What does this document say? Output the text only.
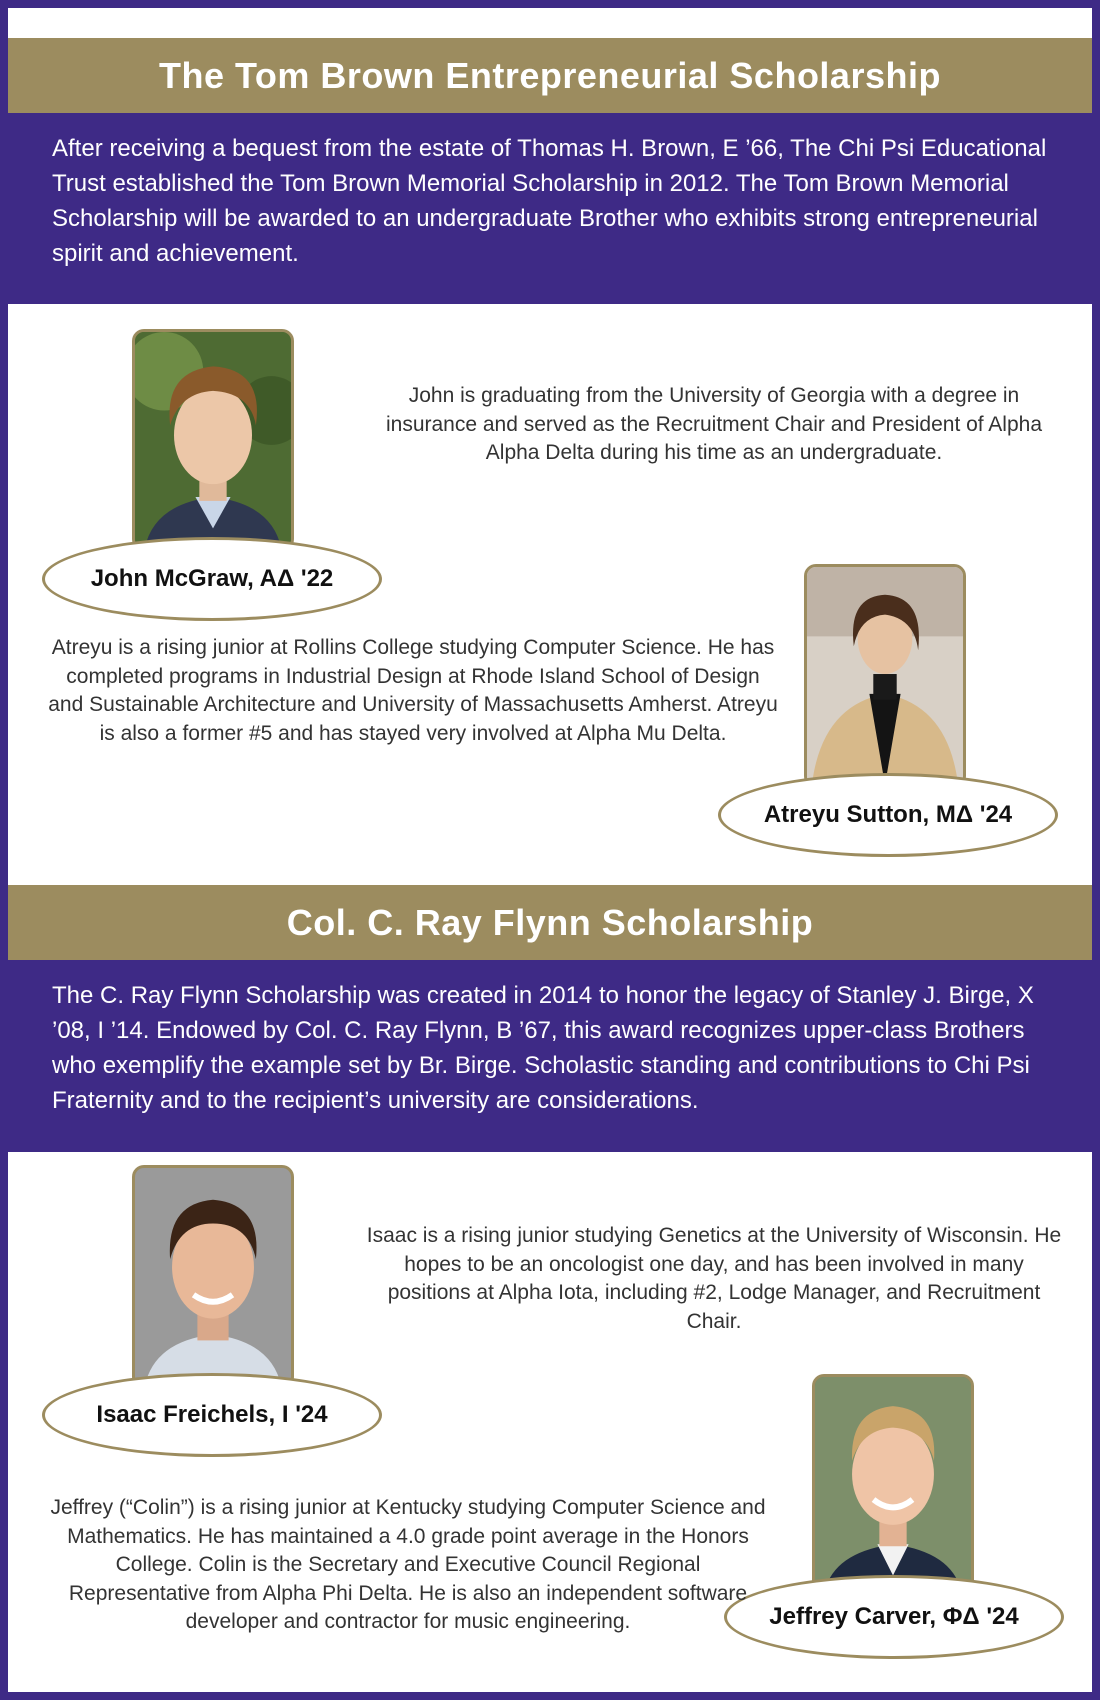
The Tom Brown Entrepreneurial Scholarship
After receiving a bequest from the estate of Thomas H. Brown, E ’66, The Chi Psi Educational Trust established the Tom Brown Memorial Scholarship in 2012. The Tom Brown Memorial Scholarship will be awarded to an undergraduate Brother who exhibits strong entrepreneurial spirit and achievement.
John McGraw, AΔ '22
John is graduating from the University of Georgia with a degree in insurance and served as the Recruitment Chair and President of Alpha Alpha Delta during his time as an undergraduate.
Atreyu Sutton, MΔ '24
Atreyu is a rising junior at Rollins College studying Computer Science. He has completed programs in Industrial Design at Rhode Island School of Design and Sustainable Architecture and University of Massachusetts Amherst. Atreyu is also a former #5 and has stayed very involved at Alpha Mu Delta.
Col. C. Ray Flynn Scholarship
The C. Ray Flynn Scholarship was created in 2014 to honor the legacy of Stanley J. Birge, X ’08, I ’14. Endowed by Col. C. Ray Flynn, B ’67, this award recognizes upper-class Brothers who exemplify the example set by Br. Birge. Scholastic standing and contributions to Chi Psi Fraternity and to the recipient’s university are considerations.
Isaac Freichels, I '24
Isaac is a rising junior studying Genetics at the University of Wisconsin. He hopes to be an oncologist one day, and has been involved in many positions at Alpha Iota, including #2, Lodge Manager, and Recruitment Chair.
Jeffrey Carver, ΦΔ '24
Jeffrey (“Colin”) is a rising junior at Kentucky studying Computer Science and Mathematics. He has maintained a 4.0 grade point average in the Honors College. Colin is the Secretary and Executive Council Regional Representative from Alpha Phi Delta. He is also an independent software developer and contractor for music engineering.
